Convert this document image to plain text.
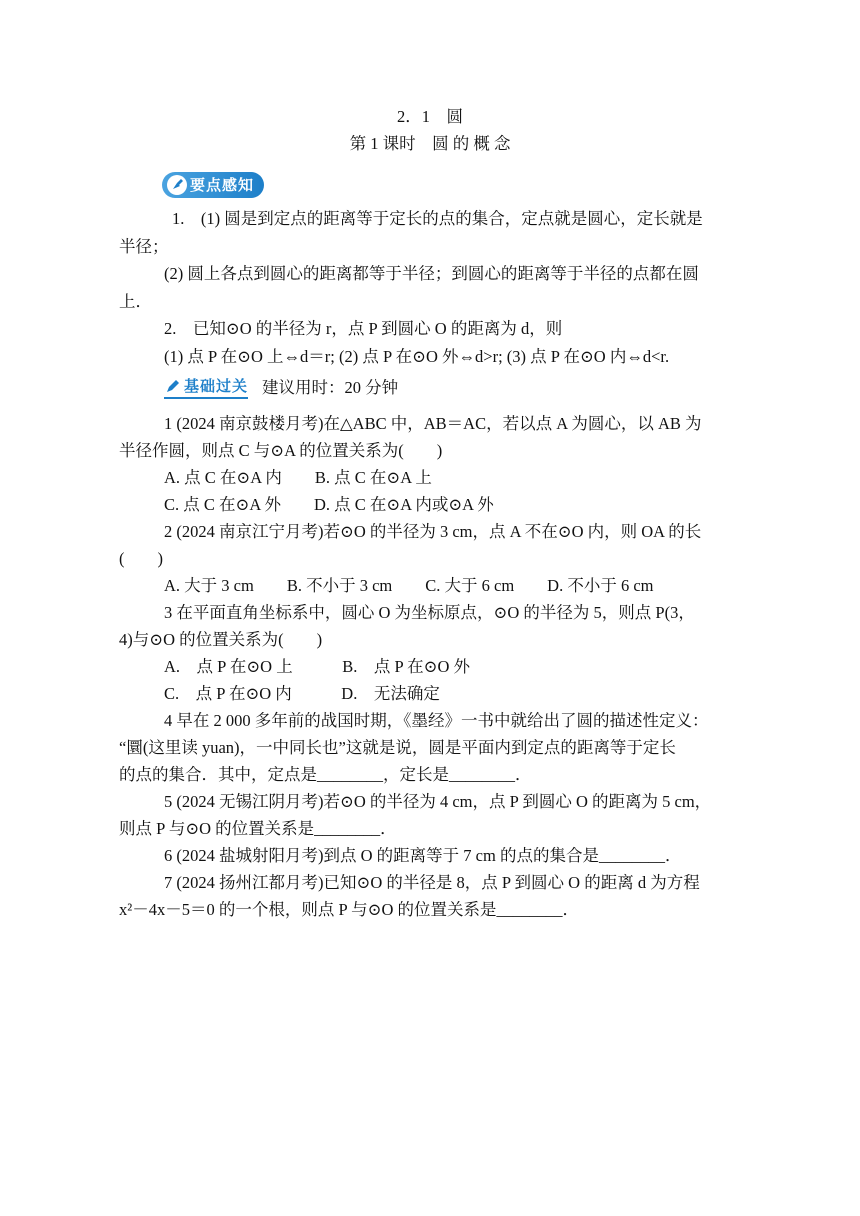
2．1　圆
第 1 课时　圆 的 概 念
要点感知
1.　(1) 圆是到定点的距离等于定长的点的集合，定点就是圆心，定长就是
半径；
(2) 圆上各点到圆心的距离都等于半径；到圆心的距离等于半径的点都在圆
上．
2.　已知⊙O 的半径为 r，点 P 到圆心 O 的距离为 d，则
(1) 点 P 在⊙O 上⇔d＝r; (2) 点 P 在⊙O 外⇔d>r; (3) 点 P 在⊙O 内⇔d<r.
基础过关 建议用时：20 分钟
1 (2024 南京鼓楼月考)在△ABC 中，AB＝AC，若以点 A 为圆心，以 AB 为
半径作圆，则点 C 与⊙A 的位置关系为(　　)
A. 点 C 在⊙A 内　　B. 点 C 在⊙A 上
C. 点 C 在⊙A 外　　D. 点 C 在⊙A 内或⊙A 外
2 (2024 南京江宁月考)若⊙O 的半径为 3 cm，点 A 不在⊙O 内，则 OA 的长
(　　)
A. 大于 3 cm　　B. 不小于 3 cm　　C. 大于 6 cm　　D. 不小于 6 cm
3 在平面直角坐标系中，圆心 O 为坐标原点，⊙O 的半径为 5，则点 P(3，
4)与⊙O 的位置关系为(　　)
A.　点 P 在⊙O 上　　　B.　点 P 在⊙O 外
C.　点 P 在⊙O 内　　　D.　无法确定
4 早在 2 000 多年前的战国时期，《墨经》一书中就给出了圆的描述性定义：
“圜(这里读 yuan)，一中同长也”这就是说，圆是平面内到定点的距离等于定长
的点的集合．其中，定点是________，定长是________．
5 (2024 无锡江阴月考)若⊙O 的半径为 4 cm，点 P 到圆心 O 的距离为 5 cm，
则点 P 与⊙O 的位置关系是________．
6 (2024 盐城射阳月考)到点 O 的距离等于 7 cm 的点的集合是________．
7 (2024 扬州江都月考)已知⊙O 的半径是 8，点 P 到圆心 O 的距离 d 为方程
x²－4x－5＝0 的一个根，则点 P 与⊙O 的位置关系是________．
